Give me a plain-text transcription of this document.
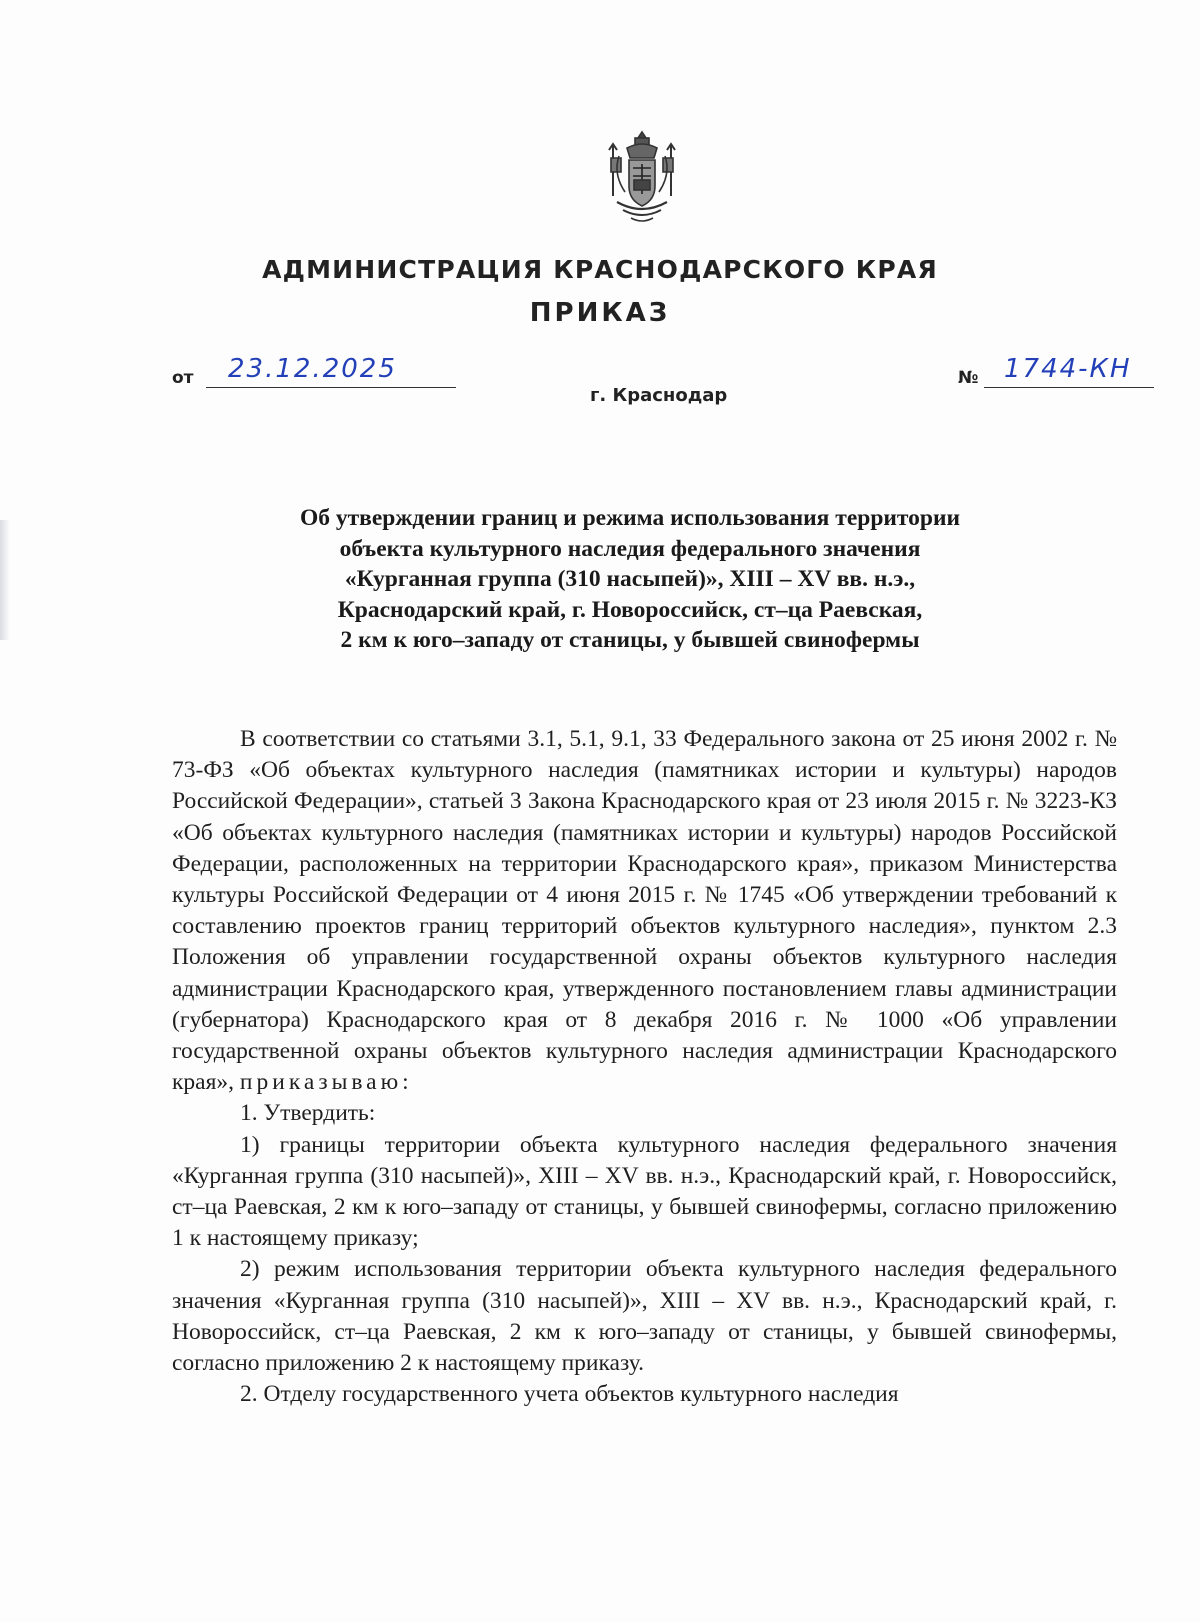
АДМИНИСТРАЦИЯ КРАСНОДАРСКОГО КРАЯ
ПРИКАЗ
от 23.12.2025
г. Краснодар
№ 1744-КН
Об утверждении границ и режима использования территории
объекта культурного наследия федерального значения
«Курганная группа (310 насыпей)», XIII – XV вв. н.э.,
Краснодарский край, г. Новороссийск, ст–ца Раевская,
2 км к юго–западу от станицы, у бывшей свинофермы

В соответствии со статьями 3.1, 5.1, 9.1, 33 Федерального закона от 25 июня 2002 г. № 73-ФЗ «Об объектах культурного наследия (памятниках истории и культуры) народов Российской Федерации», статьей 3 Закона Краснодарского края от 23 июля 2015 г. № 3223-КЗ «Об объектах культурного наследия (памятниках истории и культуры) народов Российской Федерации, расположенных на территории Краснодарского края», приказом Министерства культуры Российской Федерации от 4 июня 2015 г. № 1745 «Об утверждении требований к составлению проектов границ территорий объектов культурного наследия», пунктом 2.3 Положения об управлении государственной охраны объектов культурного наследия администрации Краснодарского края, утвержденного постановлением главы администрации (губернатора) Краснодарского края от 8 декабря 2016 г. № 1000 «Об управлении государственной охраны объектов культурного наследия администрации Краснодарского края», приказываю:

1. Утвердить:

1) границы территории объекта культурного наследия федерального значения «Курганная группа (310 насыпей)», XIII – XV вв. н.э., Краснодарский край, г. Новороссийск, ст–ца Раевская, 2 км к юго–западу от станицы, у бывшей свинофермы, согласно приложению 1 к настоящему приказу;

2) режим использования территории объекта культурного наследия федерального значения «Курганная группа (310 насыпей)», XIII – XV вв. н.э., Краснодарский край, г. Новороссийск, ст–ца Раевская, 2 км к юго–западу от станицы, у бывшей свинофермы, согласно приложению 2 к настоящему приказу.

2. Отделу государственного учета объектов культурного наследия
